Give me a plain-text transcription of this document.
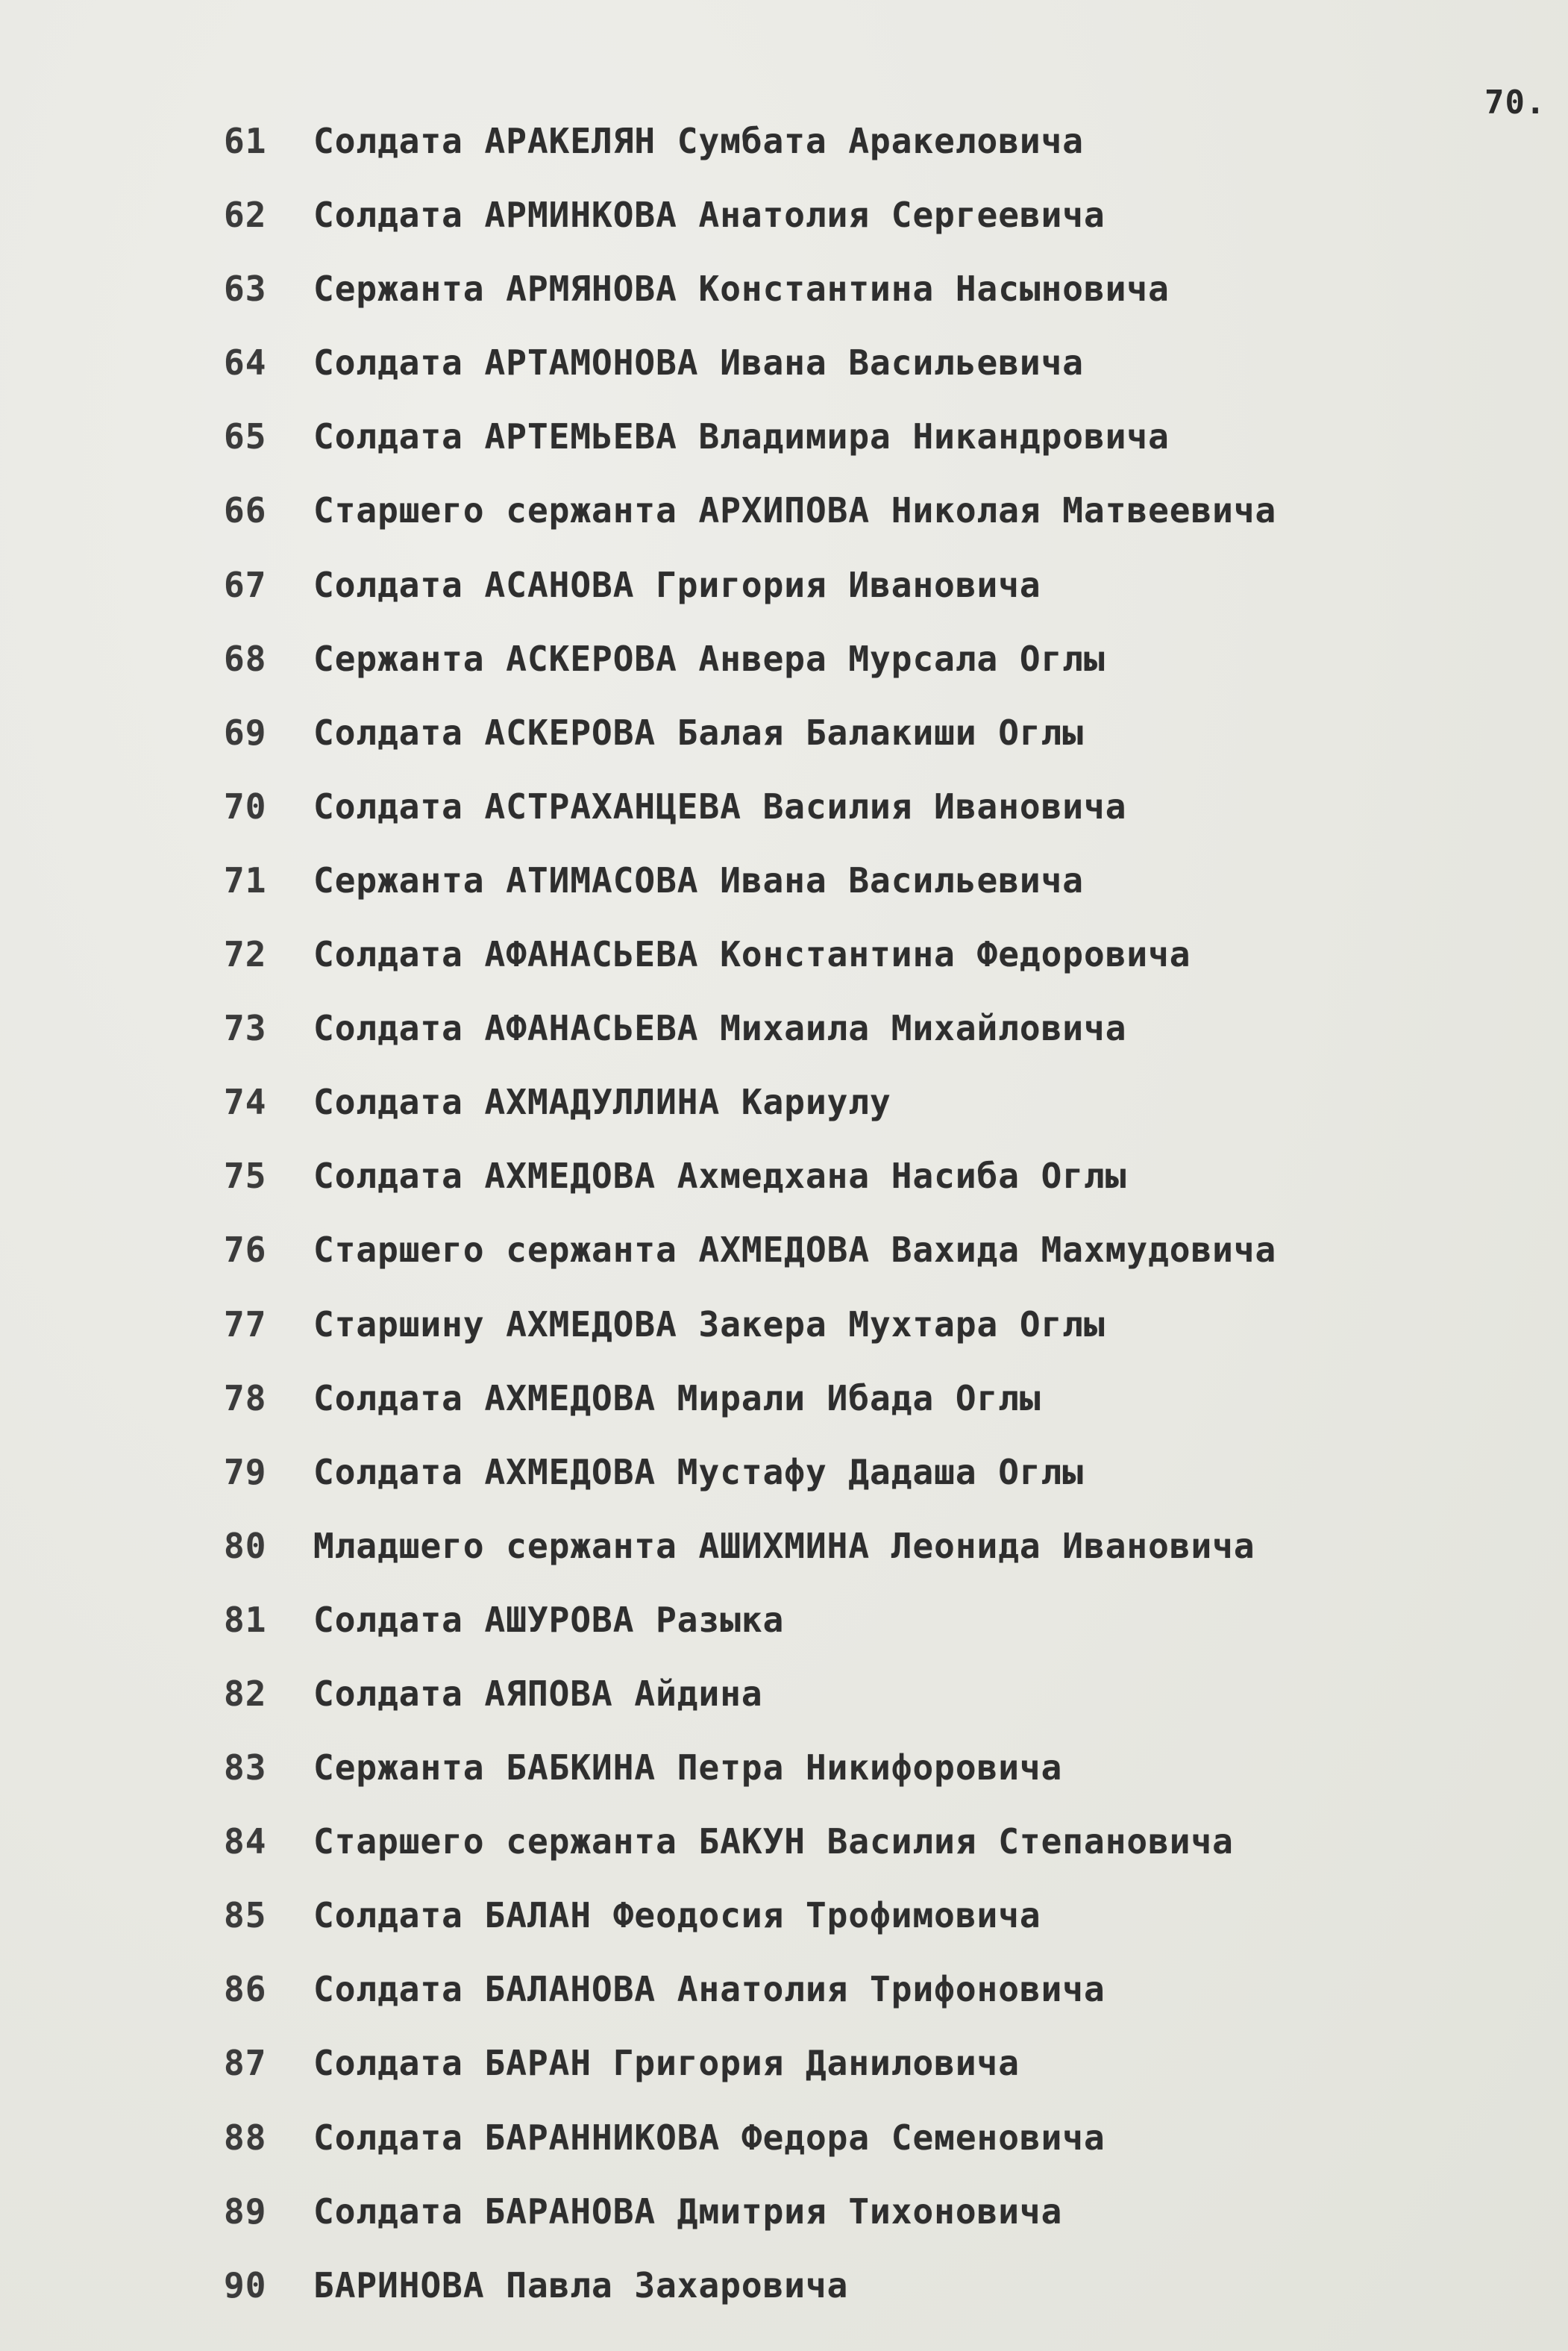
70.
61	Солдата АРАКЕЛЯН Сумбата Аракеловича
62	Солдата АРМИНКОВА Анатолия Сергеевича
63	Сержанта АРМЯНОВА Константина Насыновича
64	Солдата АРТАМОНОВА Ивана Васильевича
65	Солдата АРТЕМЬЕВА Владимира Никандровича
66	Старшего сержанта АРХИПОВА Николая Матвеевича
67	Солдата АСАНОВА Григория Ивановича
68	Сержанта АСКЕРОВА Анвера Мурсала Оглы
69	Солдата АСКЕРОВА Балая Балакиши Оглы
70	Солдата АСТРАХАНЦЕВА Василия Ивановича
71	Сержанта АТИМАСОВА Ивана Васильевича
72	Солдата АФАНАСЬЕВА Константина Федоровича
73	Солдата АФАНАСЬЕВА Михаила Михайловича
74	Солдата АХМАДУЛЛИНА Кариулу
75	Солдата АХМЕДОВА Ахмедхана Насиба Оглы
76	Старшего сержанта АХМЕДОВА Вахида Махмудовича
77	Старшину АХМЕДОВА Закера Мухтара Оглы
78	Солдата АХМЕДОВА Мирали Ибада Оглы
79	Солдата АХМЕДОВА Мустафу Дадаша Оглы
80	Младшего сержанта АШИХМИНА Леонида Ивановича
81	Солдата АШУРОВА Разыка
82	Солдата АЯПОВА Айдина
83	Сержанта БАБКИНА Петра Никифоровича
84	Старшего сержанта БАКУН Василия Степановича
85	Солдата БАЛАН Феодосия Трофимовича
86	Солдата БАЛАНОВА Анатолия Трифоновича
87	Солдата БАРАН Григория Даниловича
88	Солдата БАРАННИКОВА Федора Семеновича
89	Солдата БАРАНОВА Дмитрия Тихоновича
90	БАРИНОВА Павла Захаровича
